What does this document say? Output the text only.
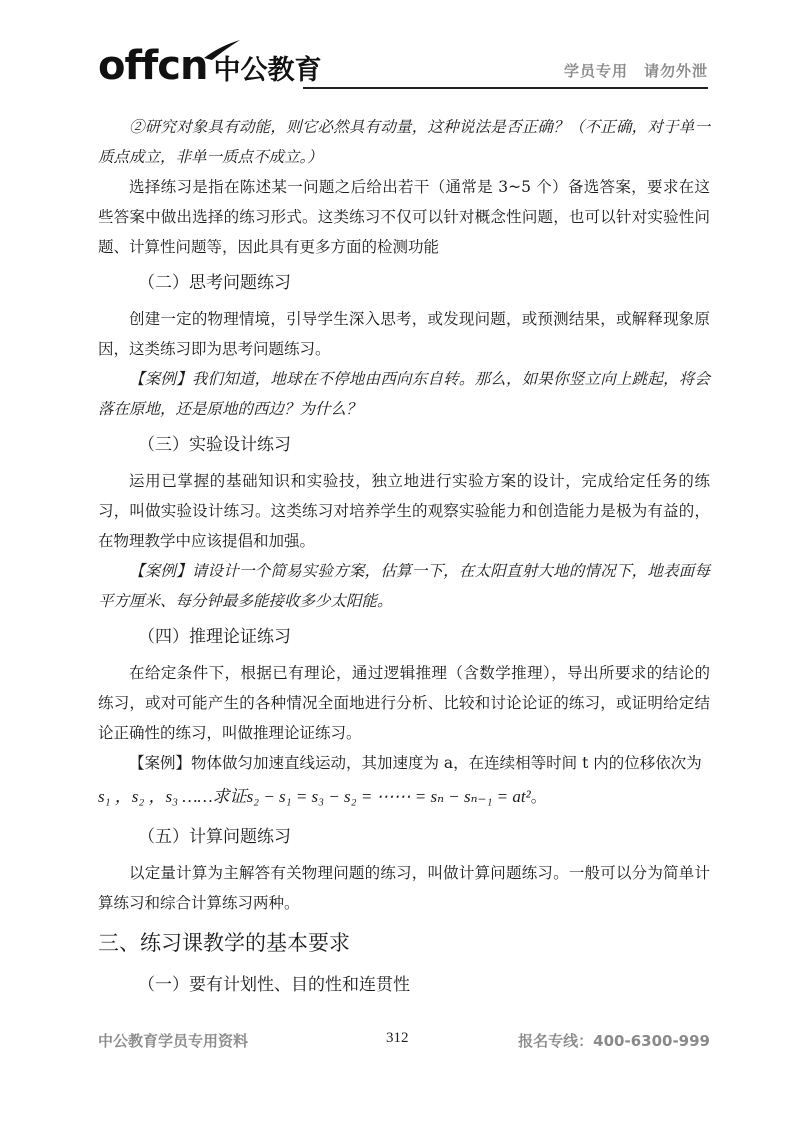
offcn 中公教育	学员专用　请勿外泄

②研究对象具有动能，则它必然具有动量，这种说法是否正确？（不正确，对于单一质点成立，非单一质点不成立。）

选择练习是指在陈述某一问题之后给出若干（通常是 3~5 个）备选答案，要求在这些答案中做出选择的练习形式。这类练习不仅可以针对概念性问题，也可以针对实验性问题、计算性问题等，因此具有更多方面的检测功能

（二）思考问题练习

创建一定的物理情境，引导学生深入思考，或发现问题，或预测结果，或解释现象原因，这类练习即为思考问题练习。

【案例】我们知道，地球在不停地由西向东自转。那么，如果你竖立向上跳起，将会落在原地，还是原地的西边？为什么？

（三）实验设计练习

运用已掌握的基础知识和实验技，独立地进行实验方案的设计，完成给定任务的练习，叫做实验设计练习。这类练习对培养学生的观察实验能力和创造能力是极为有益的，在物理教学中应该提倡和加强。

【案例】请设计一个简易实验方案，估算一下，在太阳直射大地的情况下，地表面每平方厘米、每分钟最多能接收多少太阳能。

（四）推理论证练习

在给定条件下，根据已有理论，通过逻辑推理（含数学推理），导出所要求的结论的练习，或对可能产生的各种情况全面地进行分析、比较和讨论论证的练习，或证明给定结论正确性的练习，叫做推理论证练习。

【案例】物体做匀加速直线运动，其加速度为 a，在连续相等时间 t 内的位移依次为

s₁ ，s₂ ，s₃ ……求证s₂ − s₁ = s₃ − s₂ = ⋯⋯ = sₙ − sₙ₋₁ = at²。
（五）计算问题练习

以定量计算为主解答有关物理问题的练习，叫做计算问题练习。一般可以分为简单计算练习和综合计算练习两种。

三、练习课教学的基本要求
（一）要有计划性、目的性和连贯性
中公教育学员专用资料	312	报名专线：400-6300-999
